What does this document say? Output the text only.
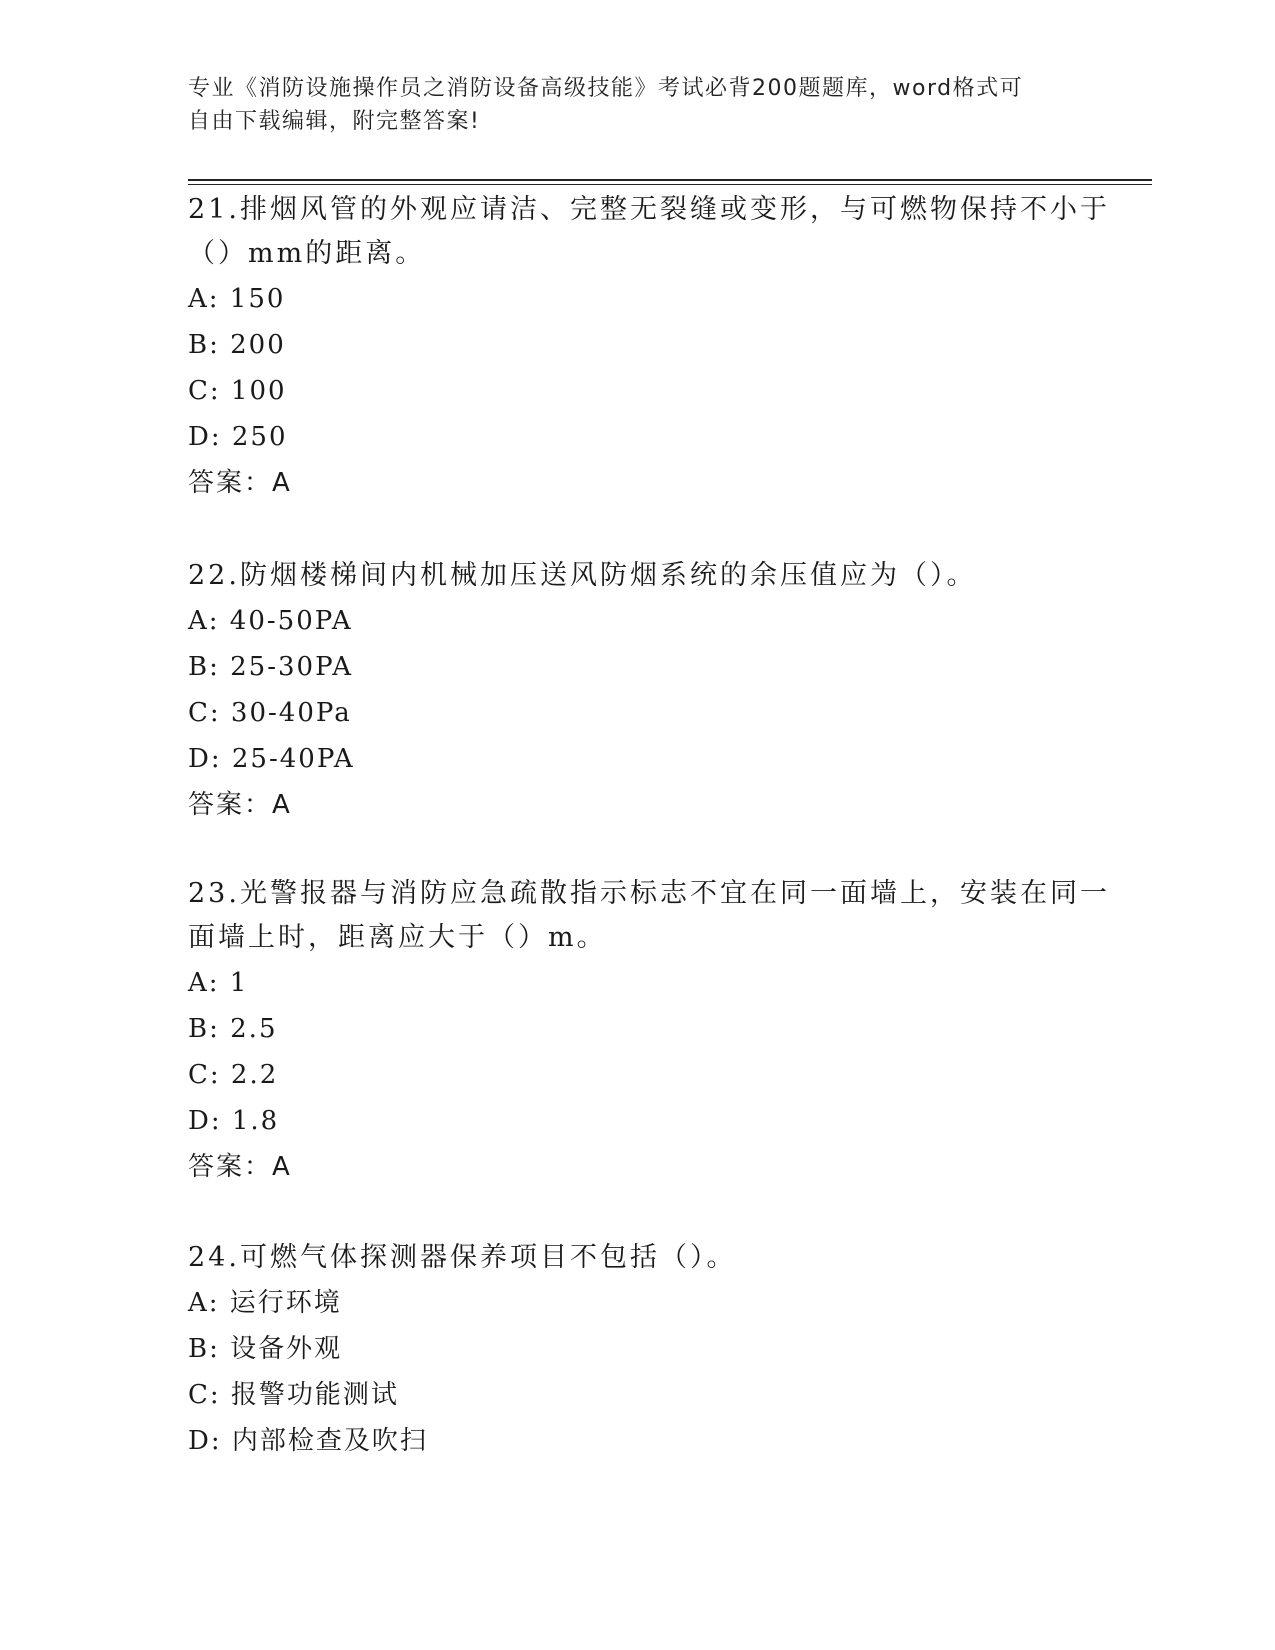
专业《消防设施操作员之消防设备高级技能》考试必背200题题库，word格式可
自由下载编辑，附完整答案!
21.排烟风管的外观应请洁、完整无裂缝或变形，与可燃物保持不小于
（）mm的距离。
A: 150
B: 200
C: 100
D: 250
答案：A
22.防烟楼梯间内机械加压送风防烟系统的余压值应为（）。
A: 40-50PA
B: 25-30PA
C: 30-40Pa
D: 25-40PA
答案：A
23.光警报器与消防应急疏散指示标志不宜在同一面墙上，安装在同一
面墙上时，距离应大于（）m。
A: 1
B: 2.5
C: 2.2
D: 1.8
答案：A
24.可燃气体探测器保养项目不包括（）。
A: 运行环境
B: 设备外观
C: 报警功能测试
D: 内部检查及吹扫
